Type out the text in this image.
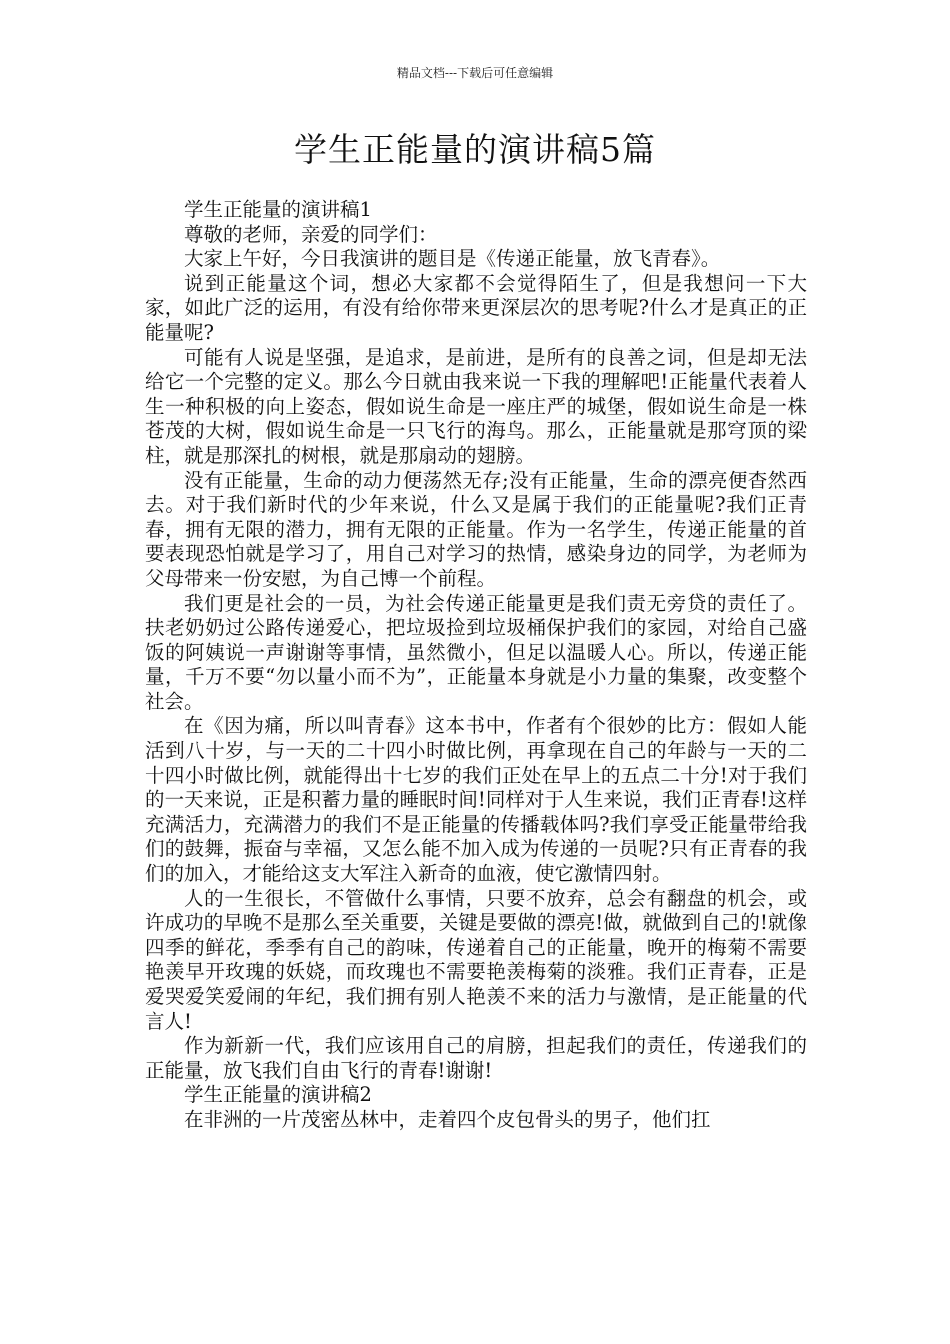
精品文档---下载后可任意编辑
学生正能量的演讲稿5篇

学生正能量的演讲稿1

尊敬的老师，亲爱的同学们：

大家上午好，今日我演讲的题目是《传递正能量，放飞青春》。

说到正能量这个词，想必大家都不会觉得陌生了，但是我想问一下大家，如此广泛的运用，有没有给你带来更深层次的思考呢?什么才是真正的正能量呢?

可能有人说是坚强，是追求，是前进，是所有的良善之词，但是却无法给它一个完整的定义。那么今日就由我来说一下我的理解吧!正能量代表着人生一种积极的向上姿态，假如说生命是一座庄严的城堡，假如说生命是一株苍茂的大树，假如说生命是一只飞行的海鸟。那么，正能量就是那穹顶的梁柱，就是那深扎的树根，就是那扇动的翅膀。

没有正能量，生命的动力便荡然无存;没有正能量，生命的漂亮便杳然西去。对于我们新时代的少年来说，什么又是属于我们的正能量呢?我们正青春，拥有无限的潜力，拥有无限的正能量。作为一名学生，传递正能量的首要表现恐怕就是学习了，用自己对学习的热情，感染身边的同学，为老师为父母带来一份安慰，为自己博一个前程。

我们更是社会的一员，为社会传递正能量更是我们责无旁贷的责任了。扶老奶奶过公路传递爱心，把垃圾捡到垃圾桶保护我们的家园，对给自己盛饭的阿姨说一声谢谢等事情，虽然微小，但足以温暖人心。所以，传递正能量，千万不要“勿以量小而不为”，正能量本身就是小力量的集聚，改变整个社会。

在《因为痛，所以叫青春》这本书中，作者有个很妙的比方：假如人能活到八十岁，与一天的二十四小时做比例，再拿现在自己的年龄与一天的二十四小时做比例，就能得出十七岁的我们正处在早上的五点二十分!对于我们的一天来说，正是积蓄力量的睡眠时间!同样对于人生来说，我们正青春!这样充满活力，充满潜力的我们不是正能量的传播载体吗?我们享受正能量带给我们的鼓舞，振奋与幸福，又怎么能不加入成为传递的一员呢?只有正青春的我们的加入，才能给这支大军注入新奇的血液，使它激情四射。

人的一生很长，不管做什么事情，只要不放弃，总会有翻盘的机会，或许成功的早晚不是那么至关重要，关键是要做的漂亮!做，就做到自己的!就像四季的鲜花，季季有自己的韵味，传递着自己的正能量，晚开的梅菊不需要艳羡早开玫瑰的妖娆，而玫瑰也不需要艳羡梅菊的淡雅。我们正青春，正是爱哭爱笑爱闹的年纪，我们拥有别人艳羡不来的活力与激情，是正能量的代言人!

作为新新一代，我们应该用自己的肩膀，担起我们的责任，传递我们的正能量，放飞我们自由飞行的青春!谢谢!

学生正能量的演讲稿2

在非洲的一片茂密丛林中，走着四个皮包骨头的男子，他们扛
